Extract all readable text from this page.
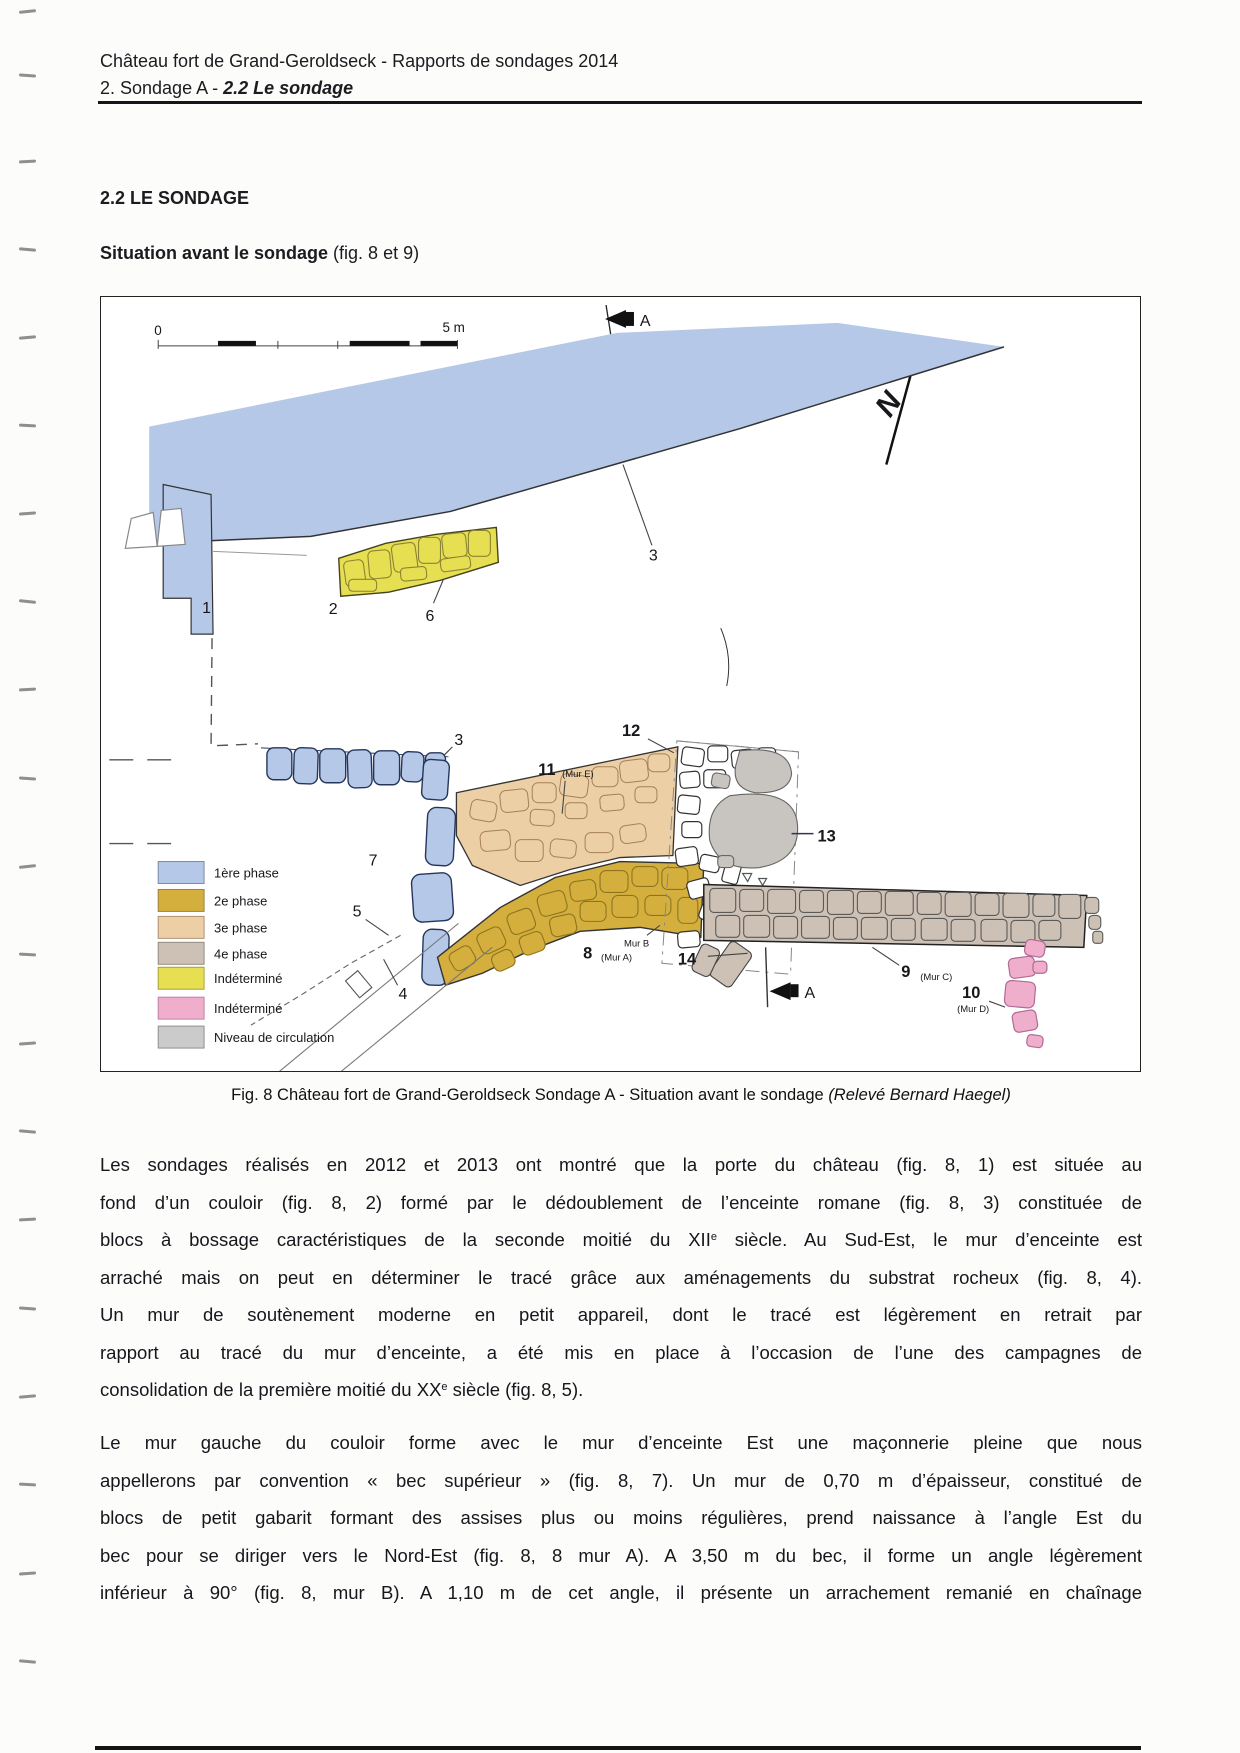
Château fort de Grand-Geroldseck - Rapports de sondages 2014
2. Sondage A - 2.2 Le sondage
2.2 LE SONDAGE
Situation avant le sondage (fig. 8 et 9)
0	5 m
N
A
A
1	2
3
3
6
7
5
4
12
11 (Mur E)
13
Mur B
8 (Mur A)	14
9 (Mur C)
10
(Mur D)
1ère phase
2e phase
3e phase
4e phase
Indéterminé
Indéterminé
Niveau de circulation
Fig. 8 Château fort de Grand-Geroldseck Sondage A - Situation avant le sondage (Relevé Bernard Haegel)
Les sondages réalisés en 2012 et 2013 ont montré que la porte du château (fig. 8, 1) est située au
fond d’un couloir (fig. 8, 2) formé par le dédoublement de l’enceinte romane (fig. 8, 3) constituée de
blocs à bossage caractéristiques de la seconde moitié du XIIe siècle. Au Sud-Est, le mur d’enceinte est
arraché mais on peut en déterminer le tracé grâce aux aménagements du substrat rocheux (fig. 8, 4).
Un mur de soutènement moderne en petit appareil, dont le tracé est légèrement en retrait par
rapport au tracé du mur d’enceinte, a été mis en place à l’occasion de l’une des campagnes de
consolidation de la première moitié du XXe siècle (fig. 8, 5).
Le mur gauche du couloir forme avec le mur d’enceinte Est une maçonnerie pleine que nous
appellerons par convention « bec supérieur » (fig. 8, 7). Un mur de 0,70 m d’épaisseur, constitué de
blocs de petit gabarit formant des assises plus ou moins régulières, prend naissance à l’angle Est du
bec pour se diriger vers le Nord-Est (fig. 8, 8 mur A). A 3,50 m du bec, il forme un angle légèrement
inférieur à 90° (fig. 8, mur B). A 1,10 m de cet angle, il présente un arrachement remanié en chaînage
